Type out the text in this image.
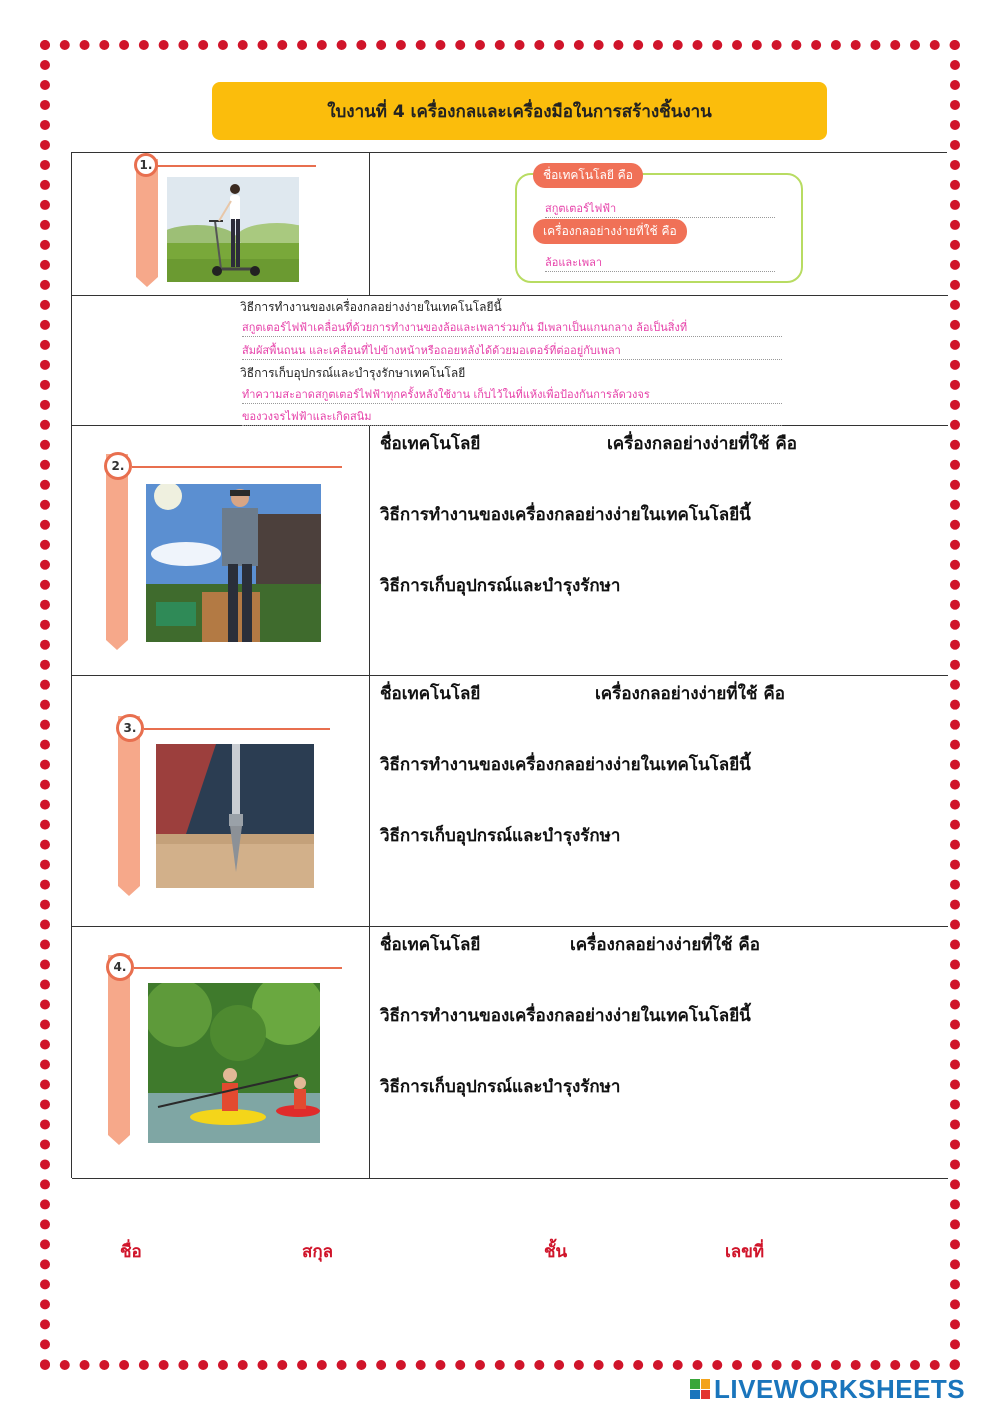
ใบงานที่ 4 เครื่องกลและเครื่องมือในการสร้างชิ้นงาน
1.
ชื่อเทคโนโลยี คือ
สกูตเตอร์ไฟฟ้า
เครื่องกลอย่างง่ายที่ใช้ คือ
ล้อและเพลา
วิธีการทำงานของเครื่องกลอย่างง่ายในเทคโนโลยีนี้
สกูตเตอร์ไฟฟ้าเคลื่อนที่ด้วยการทำงานของล้อและเพลาร่วมกัน มีเพลาเป็นแกนกลาง ล้อเป็นสิ่งที่
สัมผัสพื้นถนน และเคลื่อนที่ไปข้างหน้าหรือถอยหลังได้ด้วยมอเตอร์ที่ต่ออยู่กับเพลา
วิธีการเก็บอุปกรณ์และบำรุงรักษาเทคโนโลยี
ทำความสะอาดสกูตเตอร์ไฟฟ้าทุกครั้งหลังใช้งาน เก็บไว้ในที่แห้งเพื่อป้องกันการลัดวงจร
ของวงจรไฟฟ้าและเกิดสนิม
2.
ชื่อเทคโนโลยี	เครื่องกลอย่างง่ายที่ใช้ คือ
วิธีการทำงานของเครื่องกลอย่างง่ายในเทคโนโลยีนี้
วิธีการเก็บอุปกรณ์และบำรุงรักษา
3.
ชื่อเทคโนโลยี	เครื่องกลอย่างง่ายที่ใช้ คือ
วิธีการทำงานของเครื่องกลอย่างง่ายในเทคโนโลยีนี้
วิธีการเก็บอุปกรณ์และบำรุงรักษา
4.
ชื่อเทคโนโลยี	เครื่องกลอย่างง่ายที่ใช้ คือ
วิธีการทำงานของเครื่องกลอย่างง่ายในเทคโนโลยีนี้
วิธีการเก็บอุปกรณ์และบำรุงรักษา
ชื่อ	สกุล	ชั้น	เลขที่
LIVEWORKSHEETS
